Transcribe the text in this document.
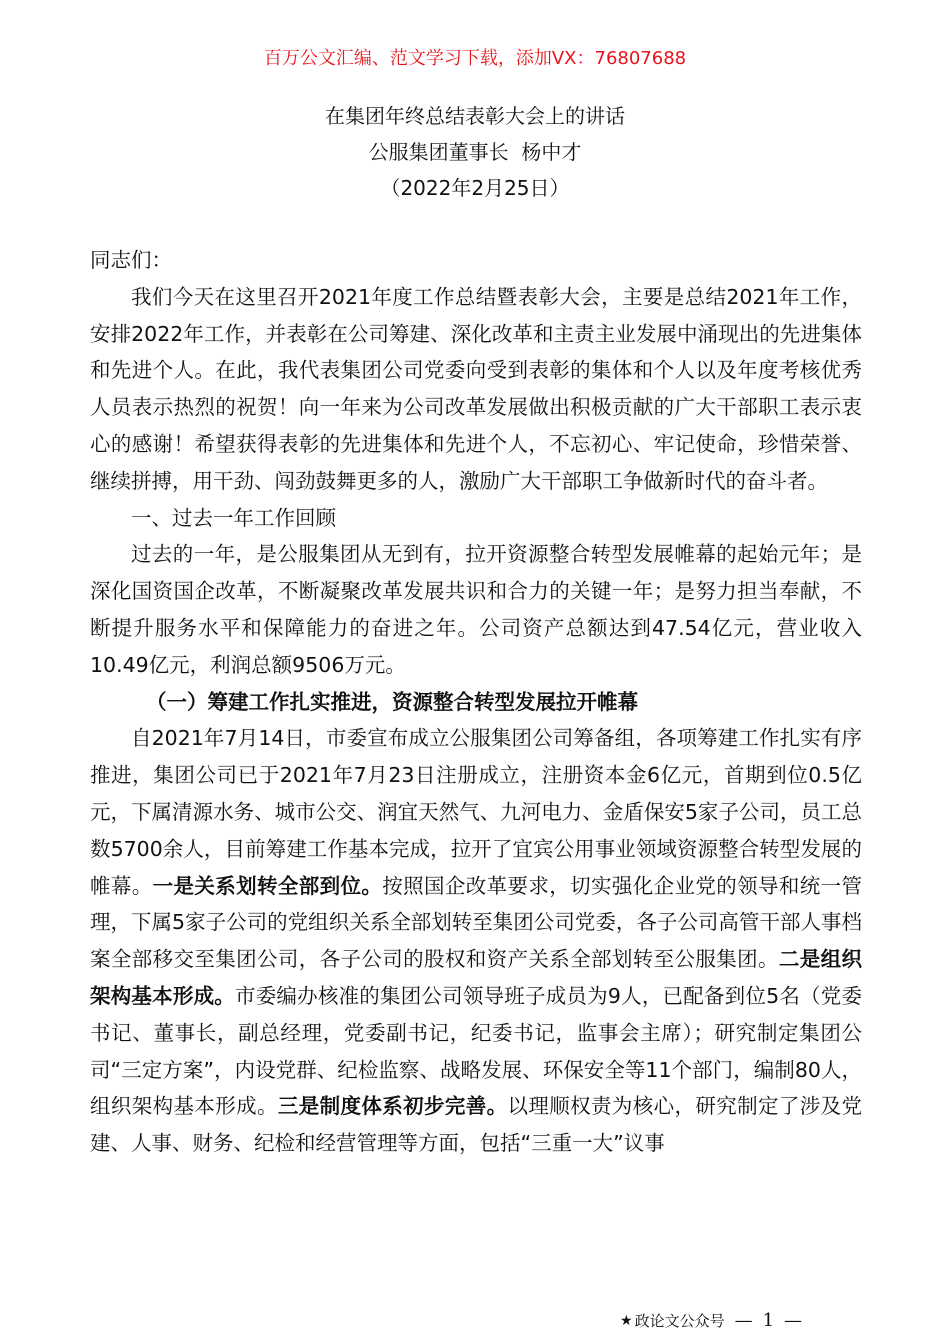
百万公文汇编、范文学习下载，添加VX：76807688
在集团年终总结表彰大会上的讲话
公服集团董事长  杨中才
（2022年2月25日）

同志们：

我们今天在这里召开2021年度工作总结暨表彰大会，主要是总结2021年工作，安排2022年工作，并表彰在公司筹建、深化改革和主责主业发展中涌现出的先进集体和先进个人。在此，我代表集团公司党委向受到表彰的集体和个人以及年度考核优秀人员表示热烈的祝贺！向一年来为公司改革发展做出积极贡献的广大干部职工表示衷心的感谢！希望获得表彰的先进集体和先进个人，不忘初心、牢记使命，珍惜荣誉、继续拼搏，用干劲、闯劲鼓舞更多的人，激励广大干部职工争做新时代的奋斗者。

一、过去一年工作回顾

过去的一年，是公服集团从无到有，拉开资源整合转型发展帷幕的起始元年；是深化国资国企改革，不断凝聚改革发展共识和合力的关键一年；是努力担当奉献，不断提升服务水平和保障能力的奋进之年。公司资产总额达到47.54亿元，营业收入10.49亿元，利润总额9506万元。

（一）筹建工作扎实推进，资源整合转型发展拉开帷幕

自2021年7月14日，市委宣布成立公服集团公司筹备组，各项筹建工作扎实有序推进，集团公司已于2021年7月23日注册成立，注册资本金6亿元，首期到位0.5亿元，下属清源水务、城市公交、润宜天然气、九河电力、金盾保安5家子公司，员工总数5700余人，目前筹建工作基本完成，拉开了宜宾公用事业领域资源整合转型发展的帷幕。一是关系划转全部到位。按照国企改革要求，切实强化企业党的领导和统一管理，下属5家子公司的党组织关系全部划转至集团公司党委，各子公司高管干部人事档案全部移交至集团公司，各子公司的股权和资产关系全部划转至公服集团。二是组织架构基本形成。市委编办核准的集团公司领导班子成员为9人，已配备到位5名（党委书记、董事长，副总经理，党委副书记，纪委书记，监事会主席）；研究制定集团公司“三定方案”，内设党群、纪检监察、战略发展、环保安全等11个部门，编制80人，组织架构基本形成。三是制度体系初步完善。以理顺权责为核心，研究制定了涉及党建、人事、财务、纪检和经营管理等方面，包括“三重一大”议事

★ 政论文公众号 — 1 —
